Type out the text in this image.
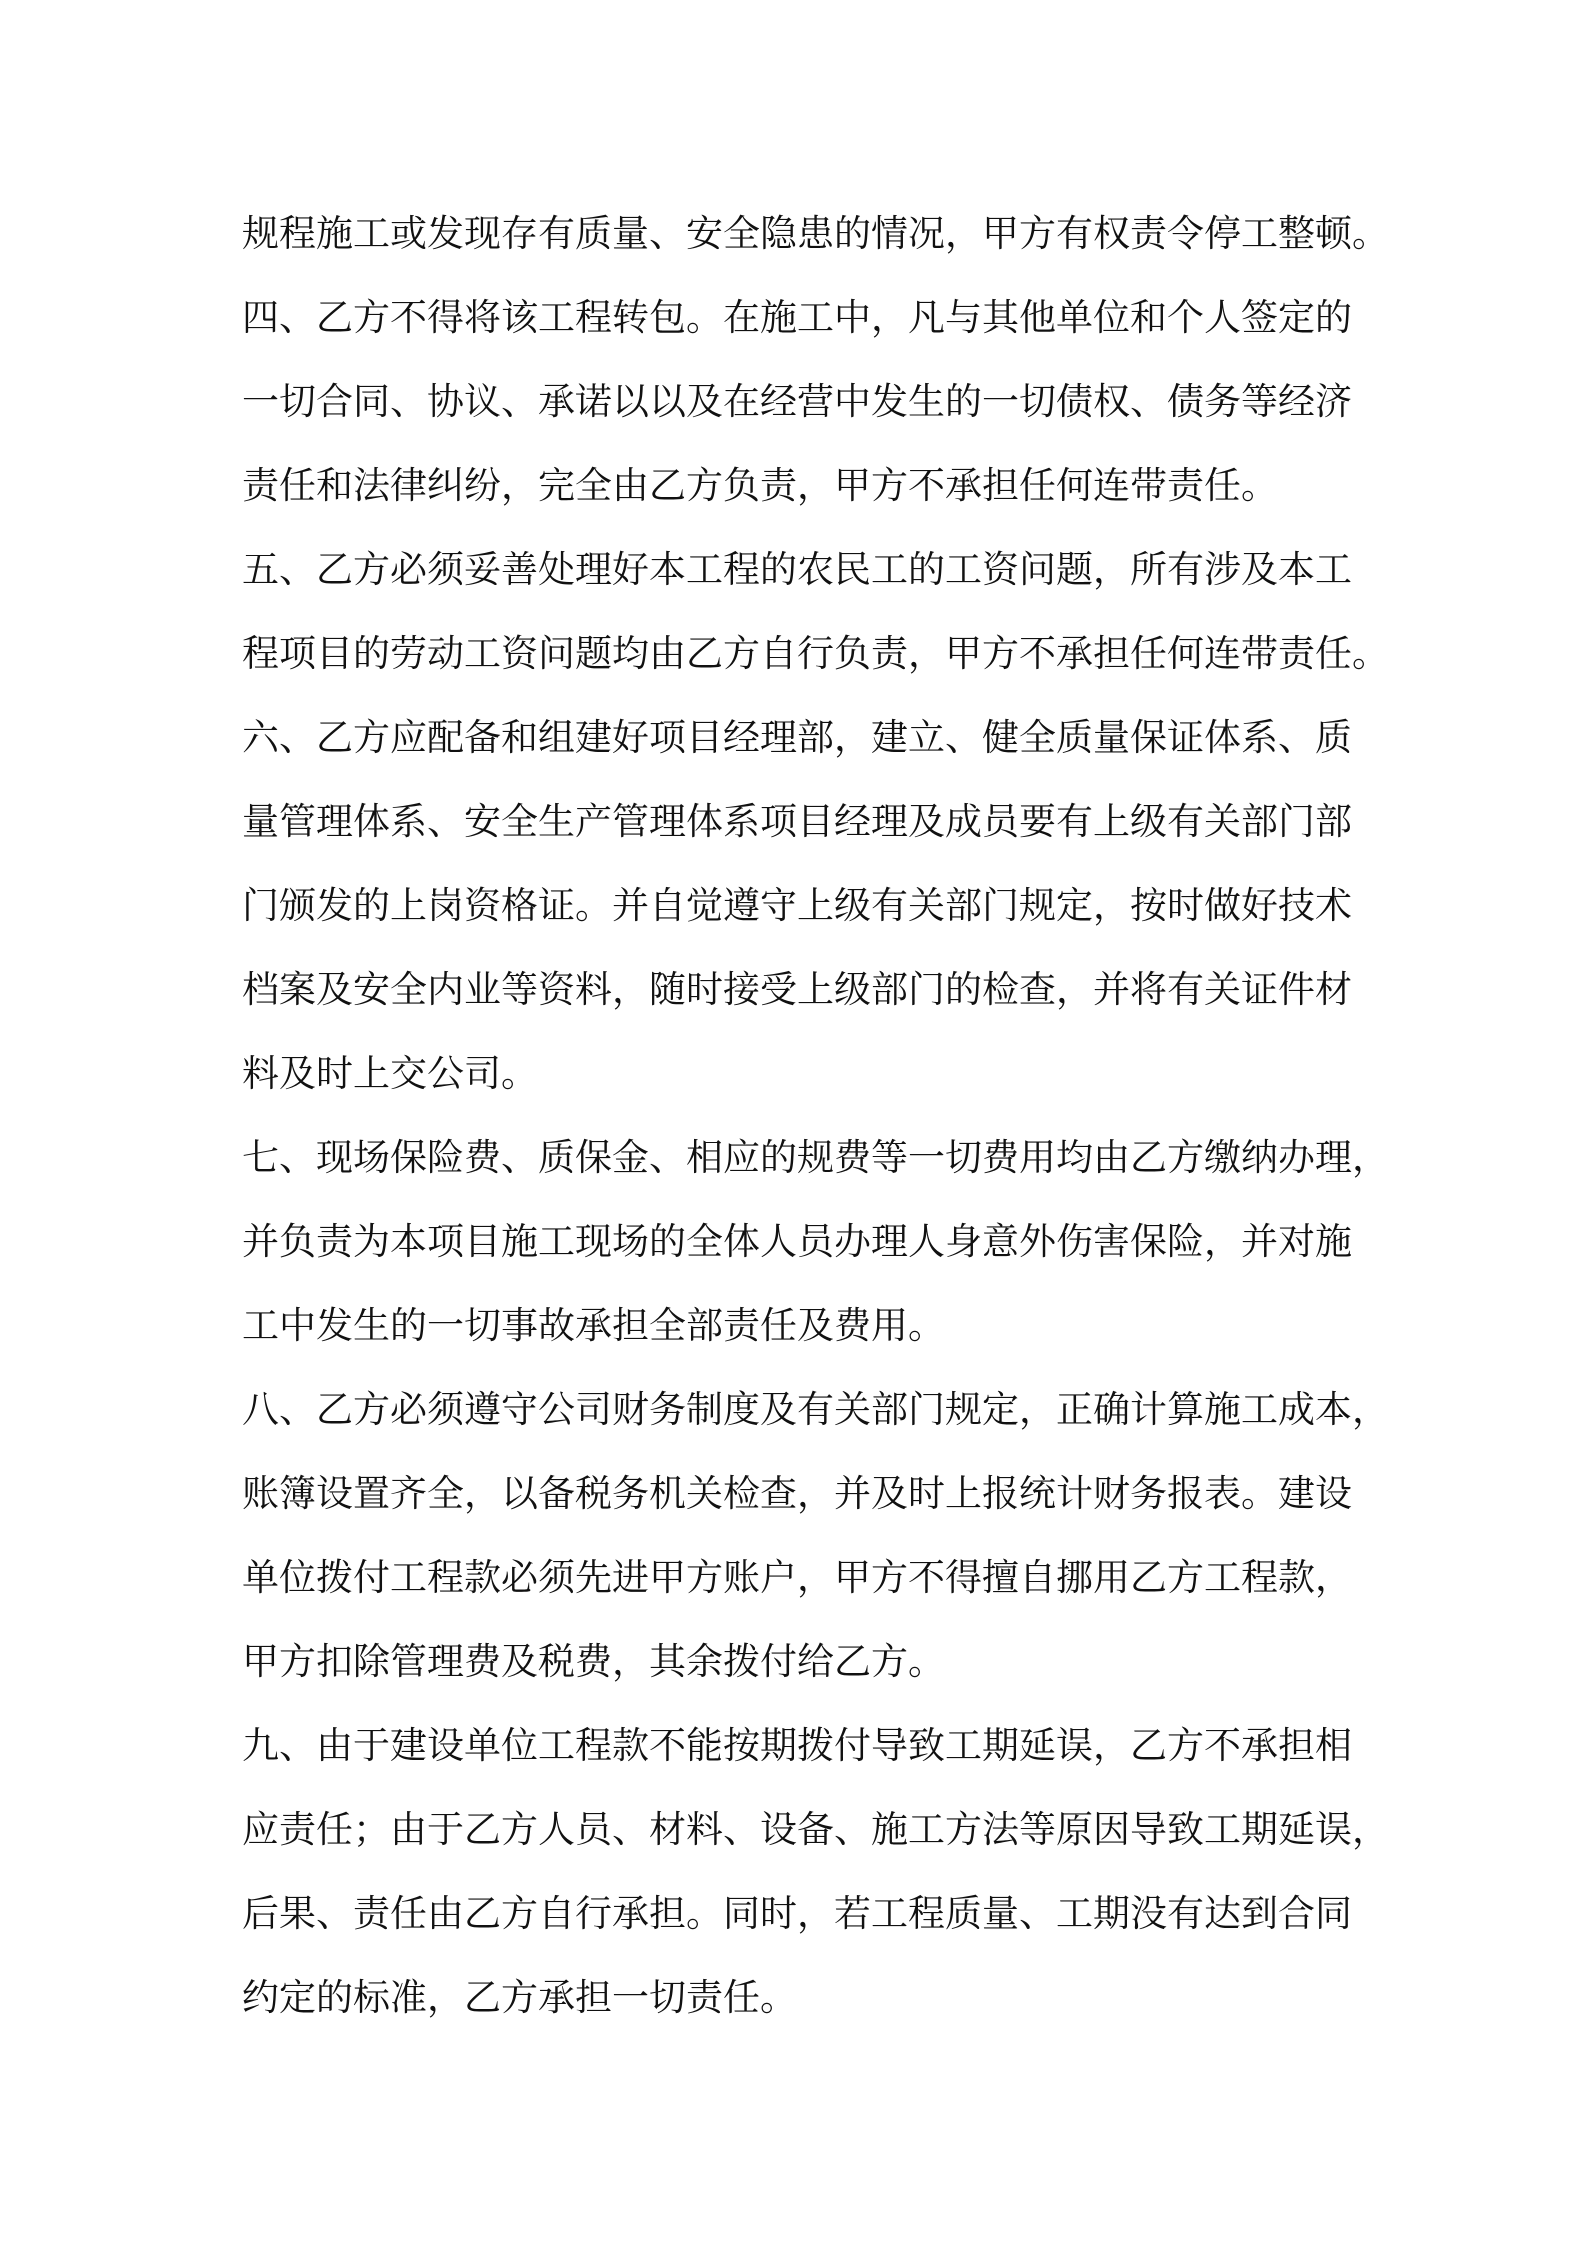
规程施工或发现存有质量、安全隐患的情况，甲方有权责令停工整顿。
四、乙方不得将该工程转包。在施工中，凡与其他单位和个人签定的
一切合同、协议、承诺以以及在经营中发生的一切债权、债务等经济
责任和法律纠纷，完全由乙方负责，甲方不承担任何连带责任。
五、乙方必须妥善处理好本工程的农民工的工资问题，所有涉及本工
程项目的劳动工资问题均由乙方自行负责，甲方不承担任何连带责任。
六、乙方应配备和组建好项目经理部，建立、健全质量保证体系、质
量管理体系、安全生产管理体系项目经理及成员要有上级有关部门部
门颁发的上岗资格证。并自觉遵守上级有关部门规定，按时做好技术
档案及安全内业等资料，随时接受上级部门的检查，并将有关证件材
料及时上交公司。
七、现场保险费、质保金、相应的规费等一切费用均由乙方缴纳办理，
并负责为本项目施工现场的全体人员办理人身意外伤害保险，并对施
工中发生的一切事故承担全部责任及费用。
八、乙方必须遵守公司财务制度及有关部门规定，正确计算施工成本，
账簿设置齐全，以备税务机关检查，并及时上报统计财务报表。建设
单位拨付工程款必须先进甲方账户，甲方不得擅自挪用乙方工程款，
甲方扣除管理费及税费，其余拨付给乙方。
九、由于建设单位工程款不能按期拨付导致工期延误，乙方不承担相
应责任；由于乙方人员、材料、设备、施工方法等原因导致工期延误，
后果、责任由乙方自行承担。同时，若工程质量、工期没有达到合同
约定的标准，乙方承担一切责任。
